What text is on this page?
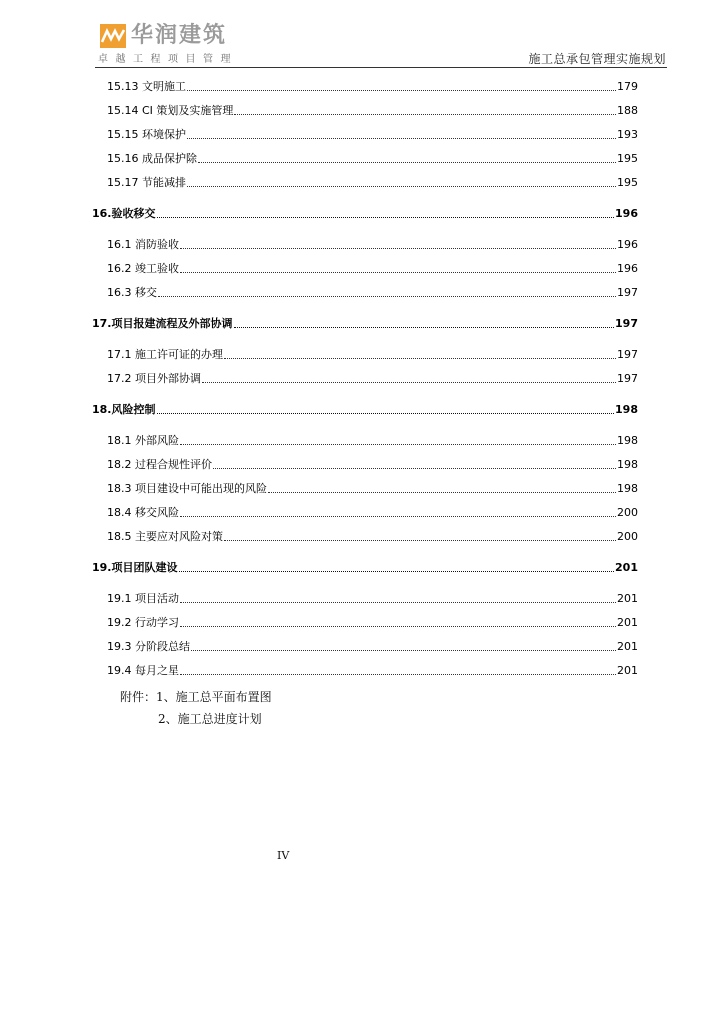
华润建筑
卓越工程项目管理	施工总承包管理实施规划
15.13 文明施工	179
15.14 CI 策划及实施管理	188
15.15 环境保护	193
15.16 成品保护除	195
15.17 节能减排	195
16.验收移交	196
16.1 消防验收	196
16.2 竣工验收	196
16.3 移交	197
17.项目报建流程及外部协调	197
17.1 施工许可证的办理	197
17.2 项目外部协调	197
18.风险控制	198
18.1 外部风险	198
18.2 过程合规性评价	198
18.3 项目建设中可能出现的风险	198
18.4 移交风险	200
18.5 主要应对风险对策	200
19.项目团队建设	201
19.1 项目活动	201
19.2 行动学习	201
19.3 分阶段总结	201
19.4 每月之星	201
附件：1、施工总平面布置图
2、施工总进度计划
IV
